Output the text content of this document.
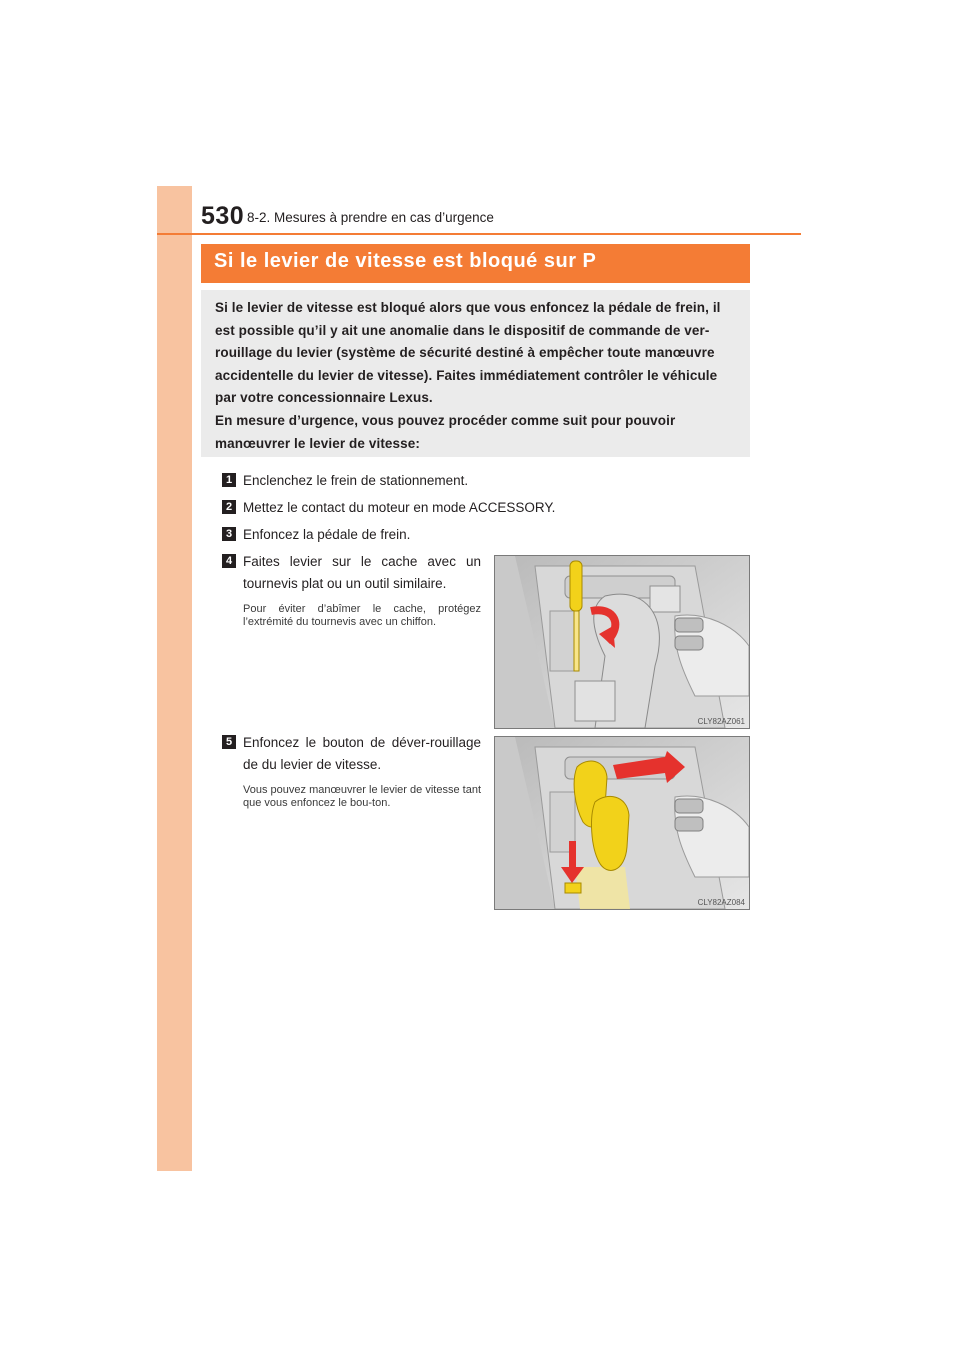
530 8-2. Mesures à prendre en cas d’urgence
Si le levier de vitesse est bloqué sur P

Si le levier de vitesse est bloqué alors que vous enfoncez la pédale de frein, il
est possible qu’il y ait une anomalie dans le dispositif de commande de ver-
rouillage du levier (système de sécurité destiné à empêcher toute manœuvre
accidentelle du levier de vitesse). Faites immédiatement contrôler le véhicule
par votre concessionnaire Lexus.
En mesure d’urgence, vous pouvez procéder comme suit pour pouvoir
manœuvrer le levier de vitesse:

1 Enclenchez le frein de stationnement.
2 Mettez le contact du moteur en mode ACCESSORY.
3 Enfoncez la pédale de frein.
4 Faites levier sur le cache avec un tournevis plat ou un outil similaire.
Pour éviter d’abîmer le cache, protégez l’extrémité du tournevis avec un chiffon.
CLY82AZ061
5 Enfoncez le bouton de déver-rouillage de du levier de vitesse.
Vous pouvez manœuvrer le levier de vitesse tant que vous enfoncez le bou-ton.
CLY82AZ084
